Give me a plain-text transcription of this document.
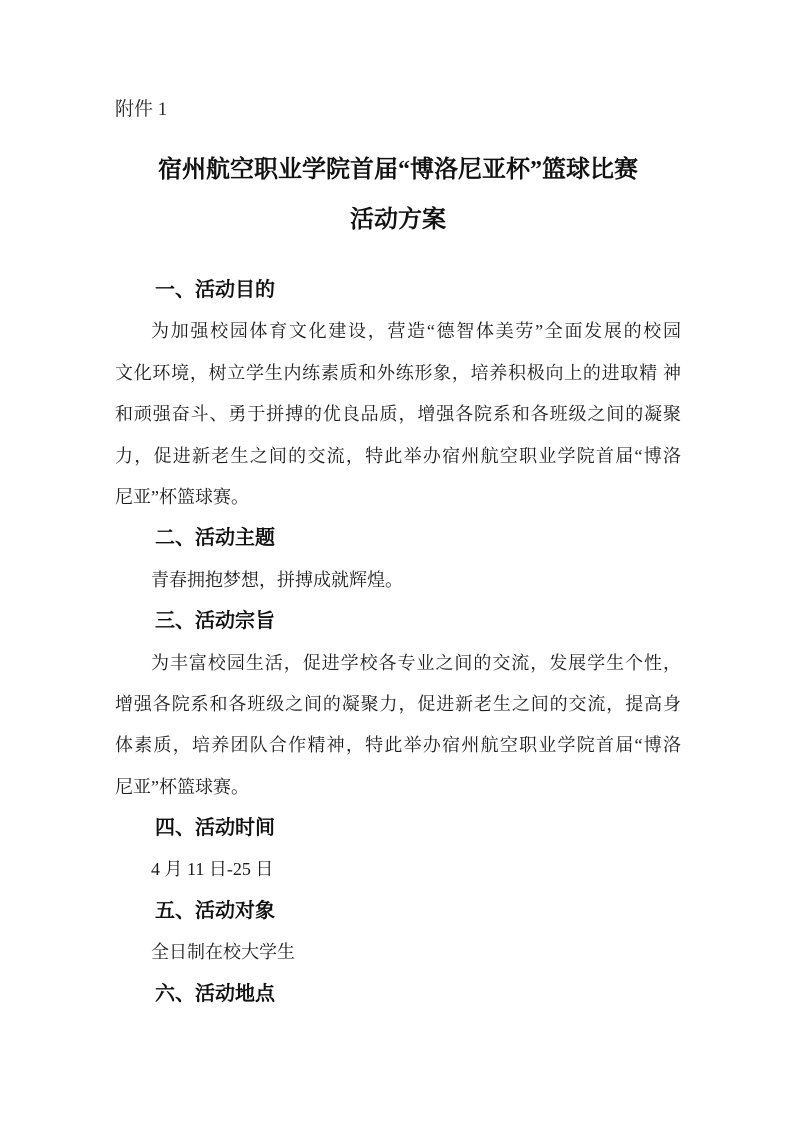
附件 1
宿州航空职业学院首届“博洛尼亚杯”篮球比赛
活动方案
一、活动目的
为加强校园体育文化建设，营造“德智体美劳”全面发展的校园
文化环境，树立学生内练素质和外练形象，培养积极向上的进取精 神
和顽强奋斗、勇于拼搏的优良品质，增强各院系和各班级之间的凝聚
力，促进新老生之间的交流，特此举办宿州航空职业学院首届“博洛
尼亚”杯篮球赛。
二、活动主题
青春拥抱梦想，拼搏成就辉煌。
三、活动宗旨
为丰富校园生活，促进学校各专业之间的交流，发展学生个性，
增强各院系和各班级之间的凝聚力，促进新老生之间的交流，提高身
体素质，培养团队合作精神，特此举办宿州航空职业学院首届“博洛
尼亚”杯篮球赛。
四、活动时间
4 月 11 日-25 日
五、活动对象
全日制在校大学生
六、活动地点
